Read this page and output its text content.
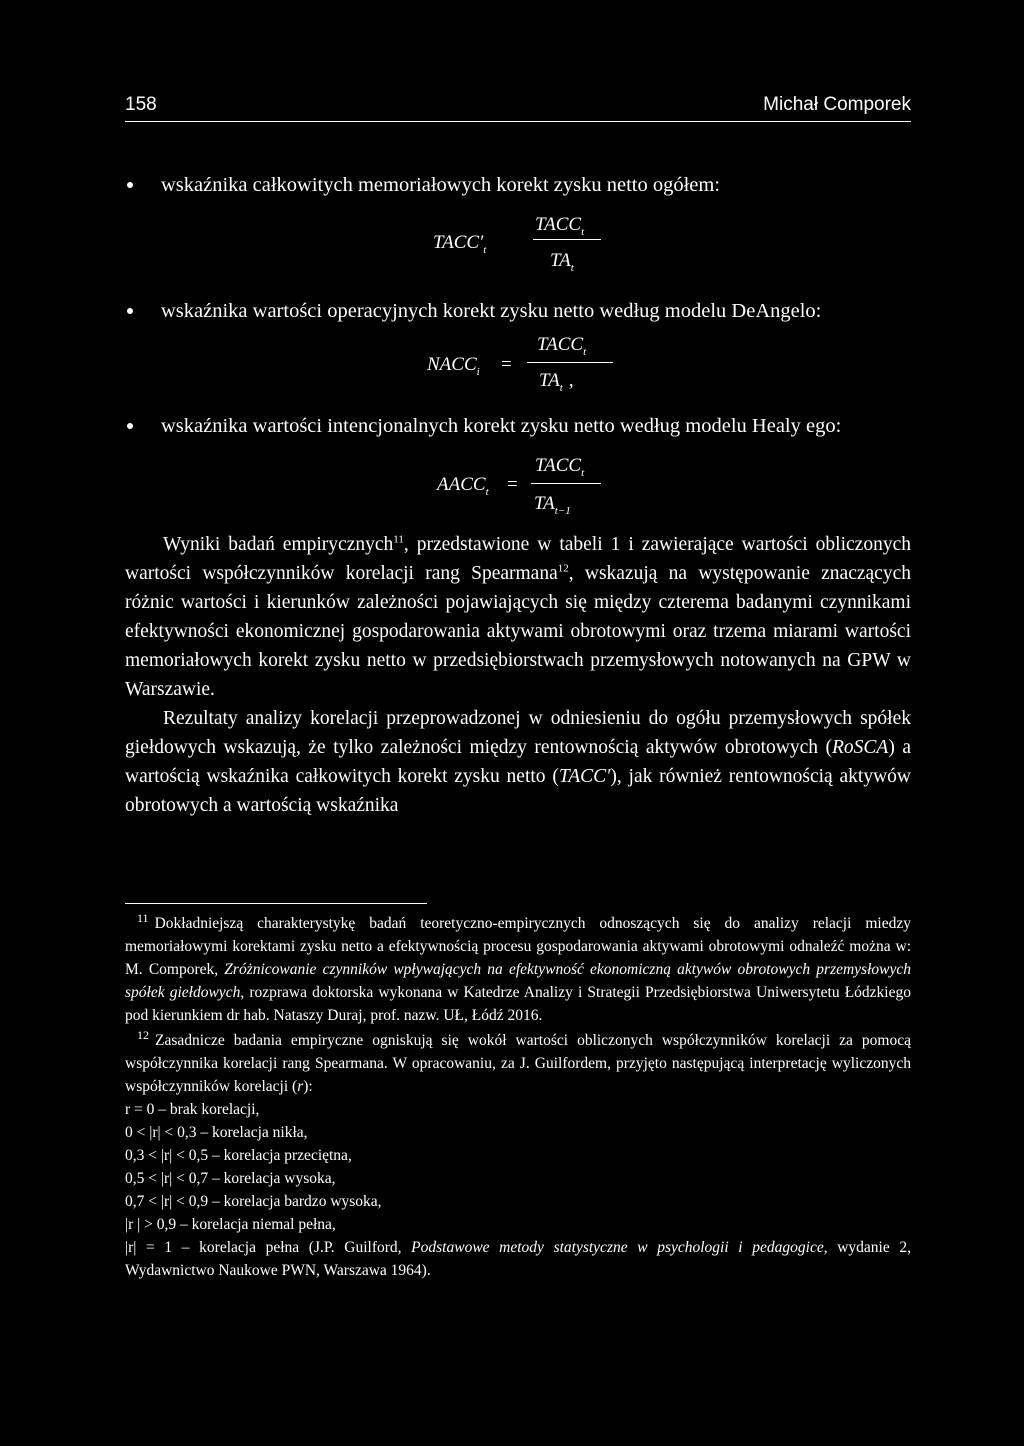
158	Michał Comporek
wskaźnika całkowitych memoriałowych korekt zysku netto ogółem:
$TACC'_t$
$TACC_t$
$TA_t$
wskaźnika wartości operacyjnych korekt zysku netto według modelu DeAngelo:
$NACC_i$ =
$TACC_t$
$TA_t$ ,
wskaźnika wartości intencjonalnych korekt zysku netto według modelu Healy ego:
$AACC_t$ =
$TACC_t$
$TA_{t-1}$

Wyniki badań empirycznych$^{11}$, przedstawione w tabeli 1 i zawierające wartości obliczonych wartości współczynników korelacji rang Spearmana$^{12}$, wskazują na występowanie znaczących różnic wartości i kierunków zależności pojawiających się między czterema badanymi czynnikami efektywności ekonomicznej gospodarowania aktywami obrotowymi oraz trzema miarami wartości memoriałowych korekt zysku netto w przedsiębiorstwach przemysłowych notowanych na GPW w Warszawie.

Rezultaty analizy korelacji przeprowadzonej w odniesieniu do ogółu przemysłowych spółek giełdowych wskazują, że tylko zależności między rentownością aktywów obrotowych (RoSCA) a wartością wskaźnika całkowitych korekt zysku netto (TACC′), jak również rentownością aktywów obrotowych a wartością wskaźnika

$^{11}$ Dokładniejszą charakterystykę badań teoretyczno-empirycznych odnoszących się do analizy relacji miedzy memoriałowymi korektami zysku netto a efektywnością procesu gospodarowania aktywami obrotowymi odnaleźć można w: M. Comporek, Zróżnicowanie czynników wpływających na efektywność ekonomiczną aktywów obrotowych przemysłowych spółek giełdowych, rozprawa doktorska wykonana w Katedrze Analizy i Strategii Przedsiębiorstwa Uniwersytetu Łódzkiego pod kierunkiem dr hab. Nataszy Duraj, prof. nazw. UŁ, Łódź 2016.

$^{12}$ Zasadnicze badania empiryczne ogniskują się wokół wartości obliczonych współczynników korelacji za pomocą współczynnika korelacji rang Spearmana. W opracowaniu, za J. Guilfordem, przyjęto następującą interpretację wyliczonych współczynników korelacji (r):

r = 0 – brak korelacji,
0 < |r| < 0,3 – korelacja nikła,
0,3 < |r| < 0,5 – korelacja przeciętna,
0,5 < |r| < 0,7 – korelacja wysoka,
0,7 < |r| < 0,9 – korelacja bardzo wysoka,
|r | > 0,9 – korelacja niemal pełna,

|r| = 1 – korelacja pełna (J.P. Guilford, Podstawowe metody statystyczne w psychologii i pedagogice, wydanie 2, Wydawnictwo Naukowe PWN, Warszawa 1964).
